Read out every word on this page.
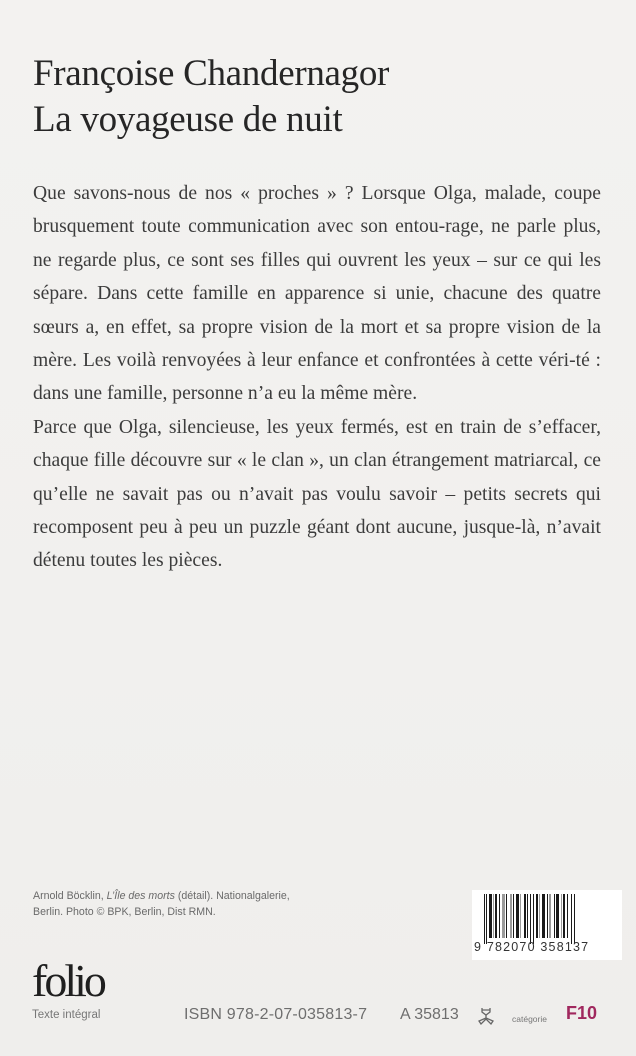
Françoise Chandernagor
La voyageuse de nuit

Que savons-nous de nos « proches » ? Lorsque Olga, malade, coupe brusquement toute communication avec son entou-rage, ne parle plus, ne regarde plus, ce sont ses filles qui ouvrent les yeux – sur ce qui les sépare. Dans cette famille en apparence si unie, chacune des quatre sœurs a, en effet, sa propre vision de la mort et sa propre vision de la mère. Les voilà renvoyées à leur enfance et confrontées à cette véri-té : dans une famille, personne n’a eu la même mère.

Parce que Olga, silencieuse, les yeux fermés, est en train de s’effacer, chaque fille découvre sur « le clan », un clan étrangement matriarcal, ce qu’elle ne savait pas ou n’avait pas voulu savoir – petits secrets qui recomposent peu à peu un puzzle géant dont aucune, jusque-là, n’avait détenu toutes les pièces.

Arnold Böcklin, L’Île des morts (détail). Nationalgalerie,
Berlin. Photo © BPK, Berlin, Dist RMN.
9 782070 358137
folio
Texte intégral	ISBN 978-2-07-035813-7 A 35813	catégorie F10
